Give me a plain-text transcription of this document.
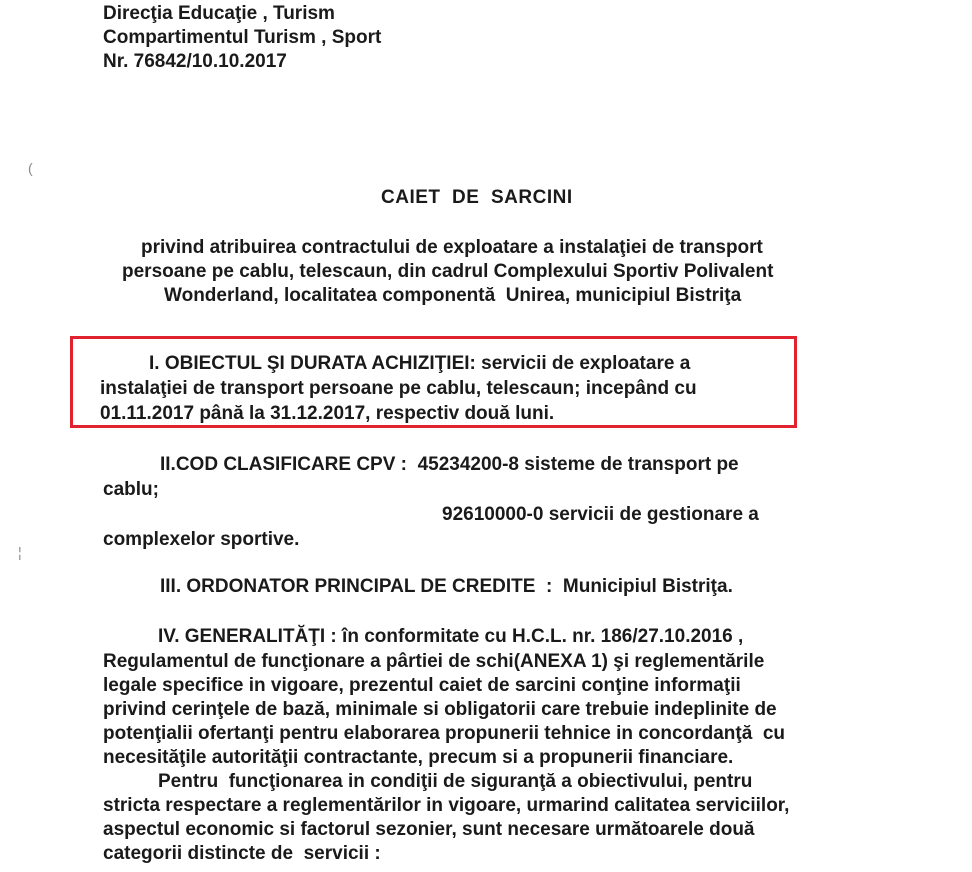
Direcţia Educaţie , Turism
Compartimentul Turism , Sport
Nr. 76842/10.10.2017
(
¦
CAIET  DE  SARCINI
privind atribuirea contractului de exploatare a instalaţiei de transport
persoane pe cablu, telescaun, din cadrul Complexului Sportiv Polivalent
Wonderland, localitatea componentă  Unirea, municipiul Bistriţa
I. OBIECTUL ŞI DURATA ACHIZIŢIEI: servicii de exploatare a
instalaţiei de transport persoane pe cablu, telescaun; incepând cu
01.11.2017 până la 31.12.2017, respectiv două luni.
II.COD CLASIFICARE CPV :  45234200-8 sisteme de transport pe
cablu;
92610000-0 servicii de gestionare a
complexelor sportive.
III. ORDONATOR PRINCIPAL DE CREDITE  :  Municipiul Bistriţa.
IV. GENERALITĂŢI : în conformitate cu H.C.L. nr. 186/27.10.2016 ,
Regulamentul de funcţionare a pârtiei de schi(ANEXA 1) şi reglementările
legale specifice in vigoare, prezentul caiet de sarcini conţine informaţii
privind cerinţele de bază, minimale si obligatorii care trebuie indeplinite de
potenţialii ofertanţi pentru elaborarea propunerii tehnice in concordanţă  cu
necesităţile autorităţii contractante, precum si a propunerii financiare.
Pentru  funcţionarea in condiţii de siguranţă a obiectivului, pentru
stricta respectare a reglementărilor in vigoare, urmarind calitatea serviciilor,
aspectul economic si factorul sezonier, sunt necesare următoarele două
categorii distincte de  servicii :
